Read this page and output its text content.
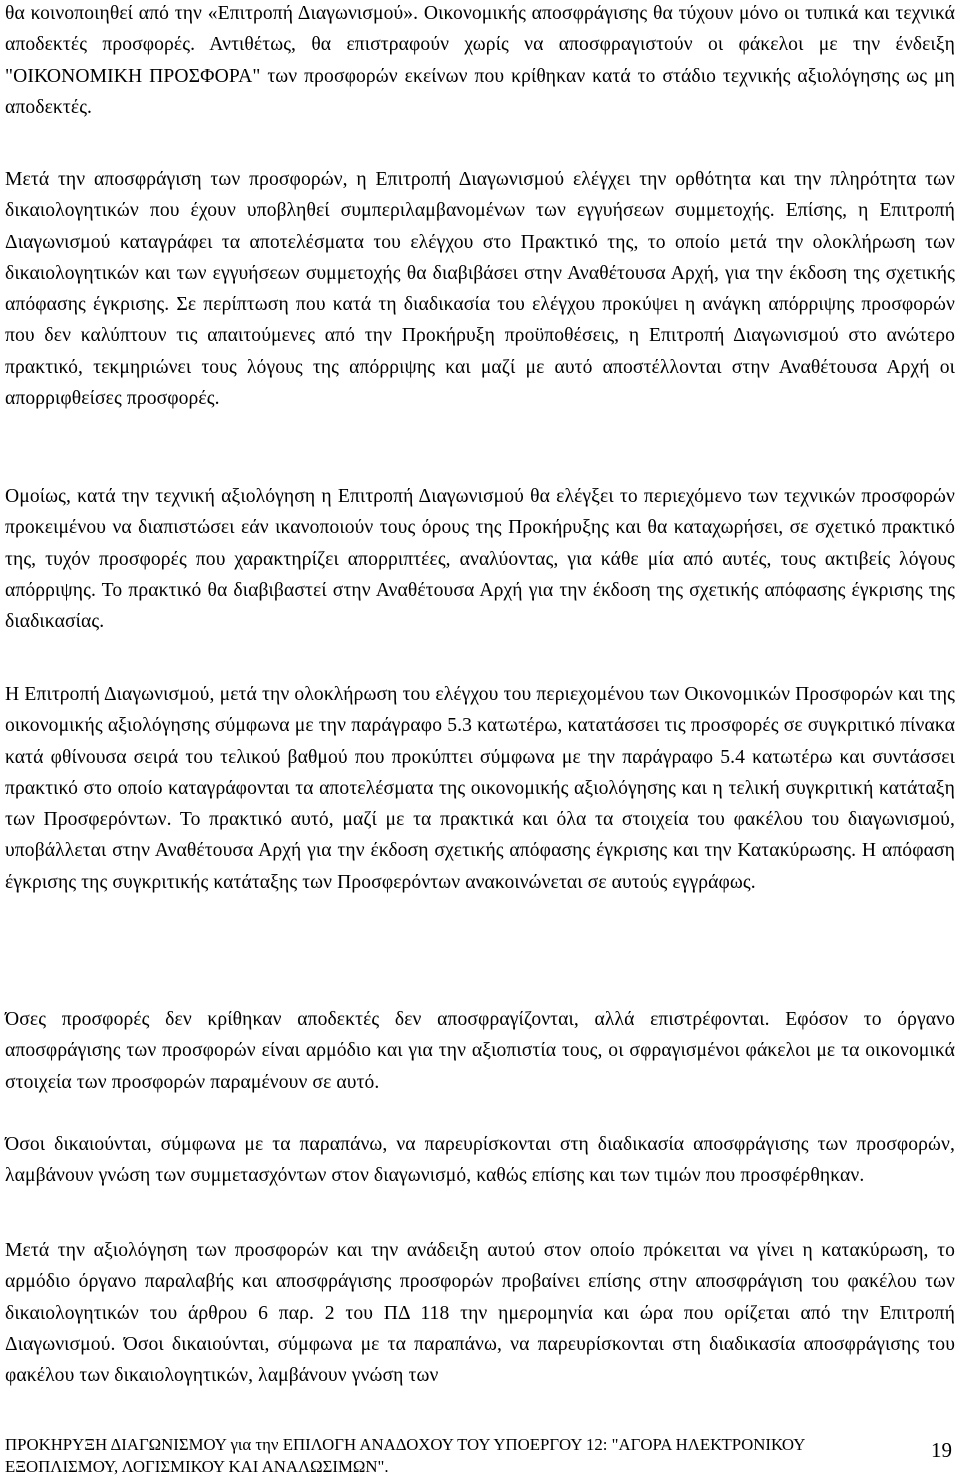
θα κοινοποιηθεί από την «Επιτροπή Διαγωνισμού». Οικονομικής αποσφράγισης θα τύχουν μόνο οι τυπικά και τεχνικά αποδεκτές προσφορές. Αντιθέτως, θα επιστραφούν χωρίς να αποσφραγιστούν οι φάκελοι με την ένδειξη "ΟΙΚΟΝΟΜΙΚΗ ΠΡΟΣΦΟΡΑ" των προσφορών εκείνων που κρίθηκαν κατά το στάδιο τεχνικής αξιολόγησης ως μη αποδεκτές.

Μετά την αποσφράγιση των προσφορών, η Επιτροπή Διαγωνισμού ελέγχει την ορθότητα και την πληρότητα των δικαιολογητικών που έχουν υποβληθεί συμπεριλαμβανομένων των εγγυήσεων συμμετοχής. Επίσης, η Επιτροπή Διαγωνισμού καταγράφει τα αποτελέσματα του ελέγχου στο Πρακτικό της, το οποίο μετά την ολοκλήρωση των δικαιολογητικών και των εγγυήσεων συμμετοχής θα διαβιβάσει στην Αναθέτουσα Αρχή, για την έκδοση της σχετικής απόφασης έγκρισης. Σε περίπτωση που κατά τη διαδικασία του ελέγχου προκύψει η ανάγκη απόρριψης προσφορών που δεν καλύπτουν τις απαιτούμενες από την Προκήρυξη προϋποθέσεις, η Επιτροπή Διαγωνισμού στο ανώτερο πρακτικό, τεκμηριώνει τους λόγους της απόρριψης και μαζί με αυτό αποστέλλονται στην Αναθέτουσα Αρχή οι απορριφθείσες προσφορές.

Ομοίως, κατά την τεχνική αξιολόγηση η Επιτροπή Διαγωνισμού θα ελέγξει το περιεχόμενο των τεχνικών προσφορών προκειμένου να διαπιστώσει εάν ικανοποιούν τους όρους της Προκήρυξης και θα καταχωρήσει, σε σχετικό πρακτικό της, τυχόν προσφορές που χαρακτηρίζει απορριπτέες, αναλύοντας, για κάθε μία από αυτές, τους ακτιβείς λόγους απόρριψης. Το πρακτικό θα διαβιβαστεί στην Αναθέτουσα Αρχή για την έκδοση της σχετικής απόφασης έγκρισης της διαδικασίας.

Η Επιτροπή Διαγωνισμού, μετά την ολοκλήρωση του ελέγχου του περιεχομένου των Οικονομικών Προσφορών και της οικονομικής αξιολόγησης σύμφωνα με την παράγραφο 5.3 κατωτέρω, κατατάσσει τις προσφορές σε συγκριτικό πίνακα κατά φθίνουσα σειρά του τελικού βαθμού που προκύπτει σύμφωνα με την παράγραφο 5.4 κατωτέρω και συντάσσει πρακτικό στο οποίο καταγράφονται τα αποτελέσματα της οικονομικής αξιολόγησης και η τελική συγκριτική κατάταξη των Προσφερόντων. Το πρακτικό αυτό, μαζί με τα πρακτικά και όλα τα στοιχεία του φακέλου του διαγωνισμού, υποβάλλεται στην Αναθέτουσα Αρχή για την έκδοση σχετικής απόφασης έγκρισης και την Κατακύρωσης. Η απόφαση έγκρισης της συγκριτικής κατάταξης των Προσφερόντων ανακοινώνεται σε αυτούς εγγράφως.

Όσες προσφορές δεν κρίθηκαν αποδεκτές δεν αποσφραγίζονται, αλλά επιστρέφονται. Εφόσον το όργανο αποσφράγισης των προσφορών είναι αρμόδιο και για την αξιοπιστία τους, οι σφραγισμένοι φάκελοι με τα οικονομικά στοιχεία των προσφορών παραμένουν σε αυτό.

Όσοι δικαιούνται, σύμφωνα με τα παραπάνω, να παρευρίσκονται στη διαδικασία αποσφράγισης των προσφορών, λαμβάνουν γνώση των συμμετασχόντων στον διαγωνισμό, καθώς επίσης και των τιμών που προσφέρθηκαν.

Μετά την αξιολόγηση των προσφορών και την ανάδειξη αυτού στον οποίο πρόκειται να γίνει η κατακύρωση, το αρμόδιο όργανο παραλαβής και αποσφράγισης προσφορών προβαίνει επίσης στην αποσφράγιση του φακέλου των δικαιολογητικών του άρθρου 6 παρ. 2 του ΠΔ 118 την ημερομηνία και ώρα που ορίζεται από την Επιτροπή Διαγωνισμού. Όσοι δικαιούνται, σύμφωνα με τα παραπάνω, να παρευρίσκονται στη διαδικασία αποσφράγισης του φακέλου των δικαιολογητικών, λαμβάνουν γνώση των

ΠΡΟΚΗΡΥΞΗ ΔΙΑΓΩΝΙΣΜΟΥ για την ΕΠΙΛΟΓΗ ΑΝΑΔΟΧΟΥ ΤΟΥ ΥΠΟΕΡΓΟΥ 12: "ΑΓΟΡΑ ΗΛΕΚΤΡΟΝΙΚΟΥ ΕΞΟΠΛΙΣΜΟΥ, ΛΟΓΙΣΜΙΚΟΥ ΚΑΙ ΑΝΑΛΩΣΙΜΩΝ".
19
